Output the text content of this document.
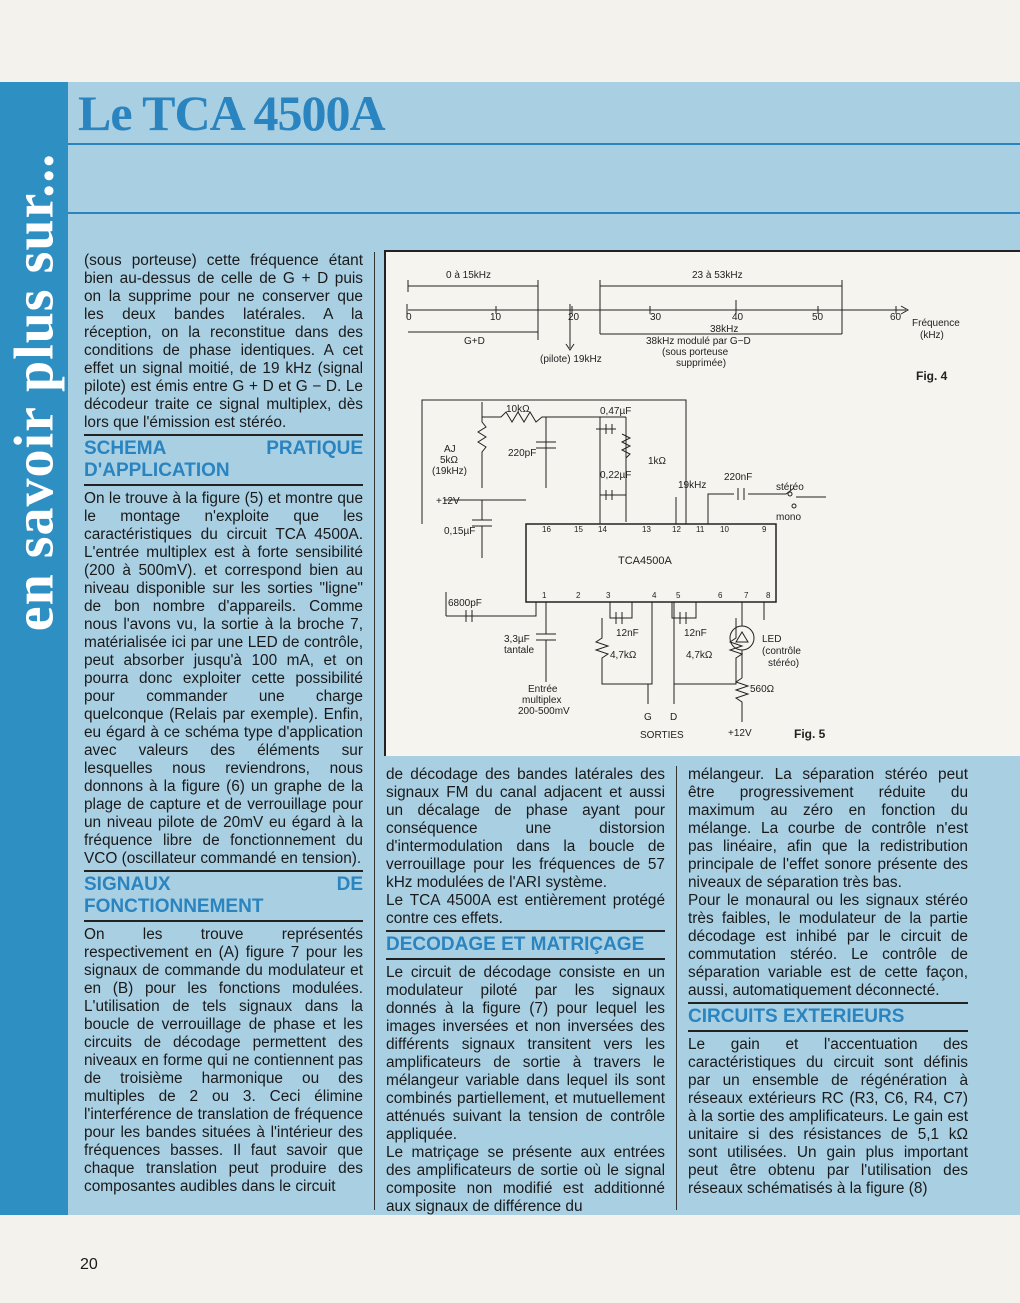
en savoir plus sur...
Le TCA 4500A

(sous porteuse) cette fréquence étant bien au-dessus de celle de G + D puis on la supprime pour ne conserver que les deux bandes latérales. A la réception, on la reconstitue dans des conditions de phase identiques. A cet effet un signal moitié, de 19 kHz (signal pilote) est émis entre G + D et G − D. Le décodeur traite ce signal multiplex, dès lors que l'émission est stéréo.

SCHEMA PRATIQUE D'APPLICATION

On le trouve à la figure (5) et montre que le montage n'exploite que les caractéristiques du circuit TCA 4500A. L'entrée multiplex est à forte sensibilité (200 à 500mV). et correspond bien au niveau disponible sur les sorties "ligne" de bon nombre d'appareils. Comme nous l'avons vu, la sortie à la broche 7, matérialisée ici par une LED de contrôle, peut absorber jusqu'à 100 mA, et on pourra donc exploiter cette possibilité pour commander une charge quelconque (Relais par exemple). Enfin, eu égard à ce schéma type d'application avec valeurs des éléments sur lesquelles nous reviendrons, nous donnons à la figure (6) un graphe de la plage de capture et de verrouillage pour un niveau pilote de 20mV eu égard à la fréquence libre de fonctionnement du VCO (oscillateur commandé en tension).

SIGNAUX DE FONCTIONNEMENT

On les trouve représentés respectivement en (A) figure 7 pour les signaux de commande du modulateur et en (B) pour les fonctions modulées. L'utilisation de tels signaux dans la boucle de verrouillage de phase et les circuits de décodage permettent des niveaux en forme qui ne contiennent pas de troisième harmonique ou des multiples de 2 ou 3. Ceci élimine l'interférence de translation de fréquence pour les bandes situées à l'intérieur des fréquences basses. Il faut savoir que chaque translation peut produire des composantes audibles dans le circuit

0 à 15kHz	23 à 53kHz
0	10	20	30	40	50	60
Fréquence
(kHz)
G+D
(pilote) 19kHz
38kHz
38kHz modulé par G−D
(sous porteuse
supprimée)
Fig. 4
TCA4500A
10kΩ	0,47µF
AJ
5kΩ
(19kHz)
220pF
1kΩ
0,22µF
19kHz
220nF
stéréo
mono
+12V
0,15µF
6800pF
3,3µF
tantale
12nF	12nF
4,7kΩ	4,7kΩ
LED
(contrôle
stéréo)
560Ω
Entrée
multiplex
200-500mV
G D
SORTIES	+12V	Fig. 5
1	2	3	4 5	6	7 8
9
10
11
12
13
14
15
16

de décodage des bandes latérales des signaux FM du canal adjacent et aussi un décalage de phase ayant pour conséquence une distorsion d'intermodulation dans la boucle de verrouillage pour les fréquences de 57 kHz modulées de l'ARI système.

Le TCA 4500A est entièrement protégé contre ces effets.

DECODAGE ET MATRIÇAGE

Le circuit de décodage consiste en un modulateur piloté par les signaux donnés à la figure (7) pour lequel les images inversées et non inversées des différents signaux transitent vers les amplificateurs de sortie à travers le mélangeur variable dans lequel ils sont combinés partiellement, et mutuellement atténués suivant la tension de contrôle appliquée.

Le matriçage se présente aux entrées des amplificateurs de sortie où le signal composite non modifié est additionné aux signaux de différence du

mélangeur. La séparation stéréo peut être progressivement réduite du maximum au zéro en fonction du mélange. La courbe de contrôle n'est pas linéaire, afin que la redistribution principale de l'effet sonore présente des niveaux de séparation très bas.

Pour le monaural ou les signaux stéréo très faibles, le modulateur de la partie décodage est inhibé par le circuit de commutation stéréo. Le contrôle de séparation variable est de cette façon, aussi, automatiquement déconnecté.

CIRCUITS EXTERIEURS

Le gain et l'accentuation des caractéristiques du circuit sont définis par un ensemble de régénération à réseaux extérieurs RC (R3, C6, R4, C7) à la sortie des amplificateurs. Le gain est unitaire si des résistances de 5,1 kΩ sont utilisées. Un gain plus important peut être obtenu par l'utilisation des réseaux schématisés à la figure (8)

20
